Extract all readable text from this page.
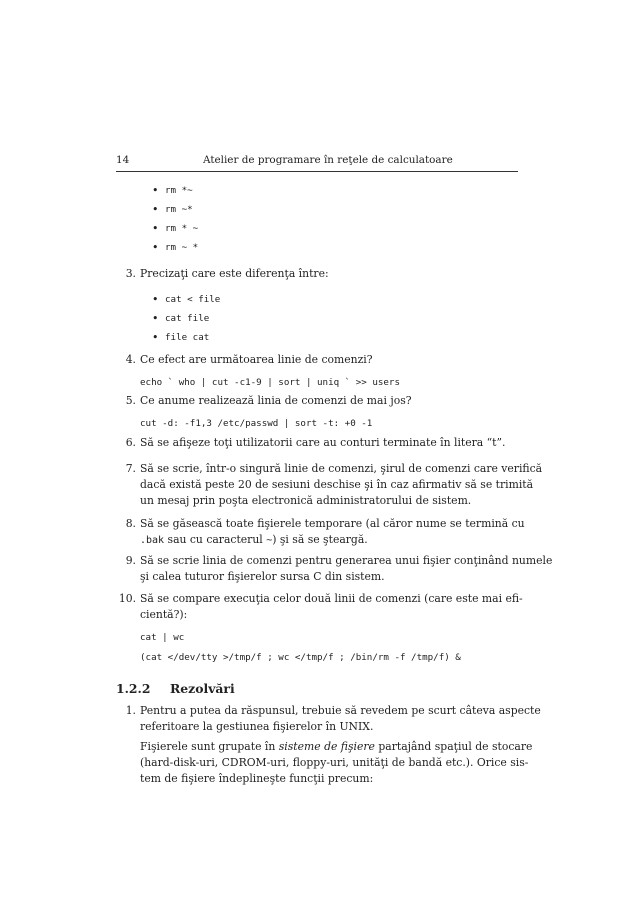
14	Atelier de programare în reţele de calculatoare
• rm *~
• rm ~*
• rm * ~
• rm ~ *
3. Precizaţi care este diferenţa între:
• cat < file
• cat file
• file cat
4. Ce efect are următoarea linie de comenzi?
echo ` who | cut -c1-9 | sort | uniq ` >> users
5. Ce anume realizează linia de comenzi de mai jos?
cut -d: -f1,3 /etc/passwd | sort -t: +0 -1
6. Să se afişeze toţi utilizatorii care au conturi terminate în litera “t”.
7. Să se scrie, într-o singură linie de comenzi, şirul de comenzi care verifică
dacă există peste 20 de sesiuni deschise şi în caz afirmativ să se trimită
un mesaj prin poşta electronică administratorului de sistem.
8. Să se găsească toate fişierele temporare (al căror nume se termină cu
.bak sau cu caracterul ~) şi să se şteargă.
9. Să se scrie linia de comenzi pentru generarea unui fişier conţinând numele
şi calea tuturor fişierelor sursa C din sistem.
10. Să se compare execuţia celor două linii de comenzi (care este mai efi-
cientă?):
cat | wc
(cat </dev/tty >/tmp/f ; wc </tmp/f ; /bin/rm -f /tmp/f) &
1.2.2 Rezolvări
1. Pentru a putea da răspunsul, trebuie să revedem pe scurt câteva aspecte
referitoare la gestiunea fişierelor în UNIX.
Fişierele sunt grupate în sisteme de fişiere partajând spaţiul de stocare
(hard-disk-uri, CDROM-uri, floppy-uri, unităţi de bandă etc.). Orice sis-
tem de fişiere îndeplineşte funcţii precum:
